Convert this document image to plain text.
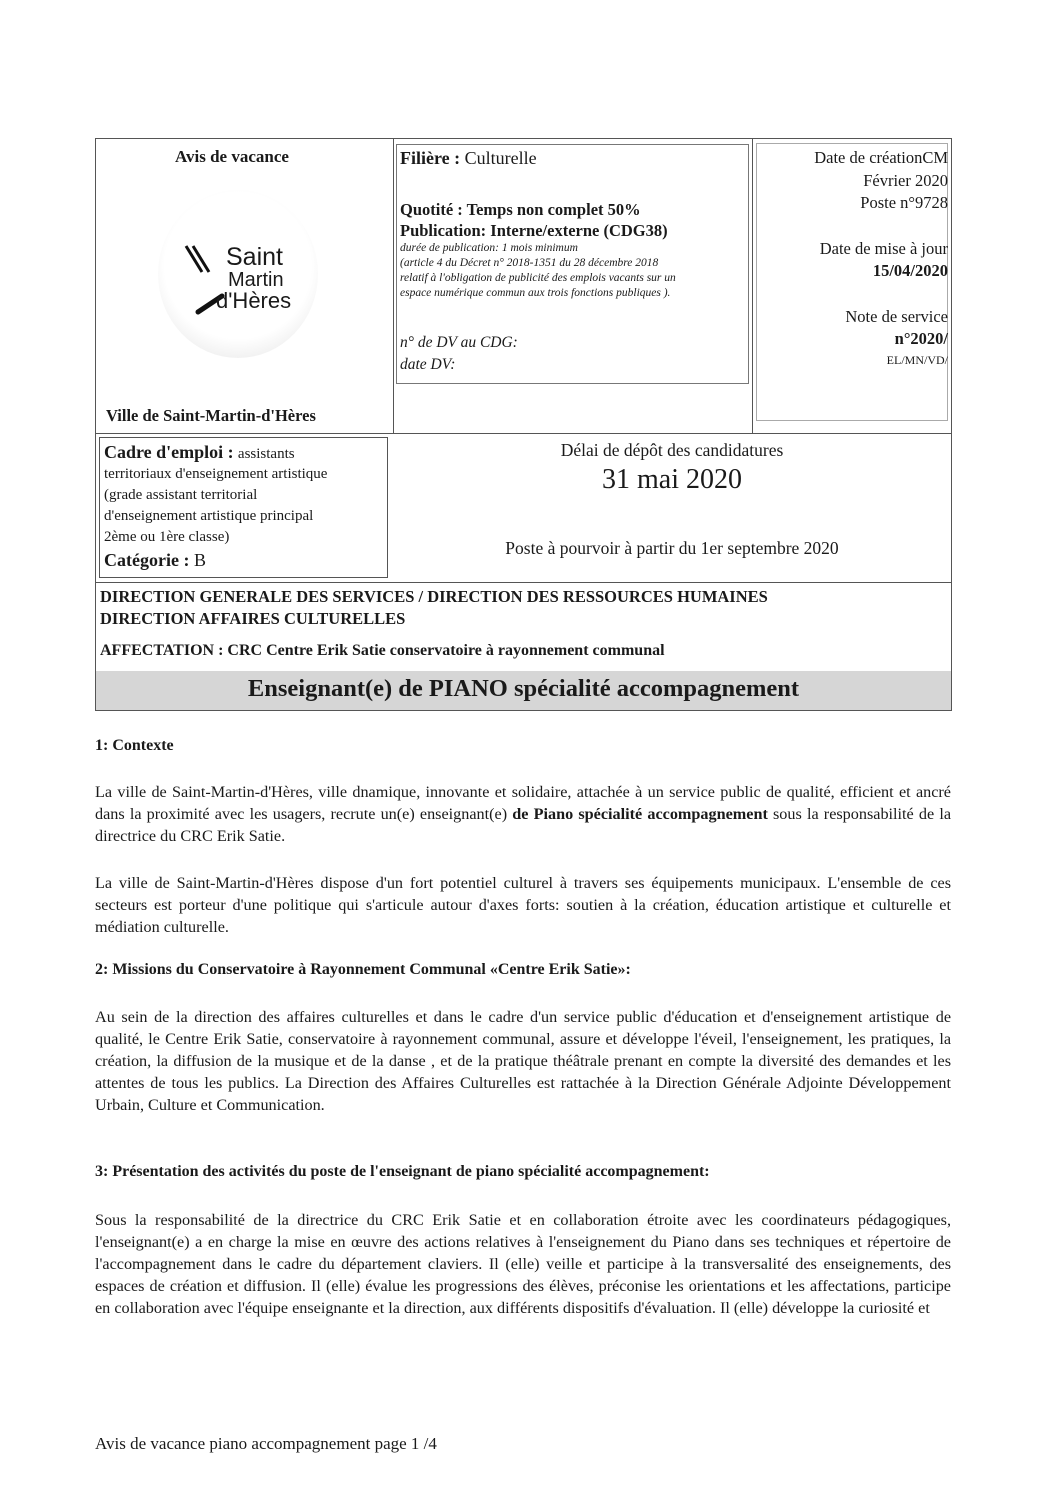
Avis de vacance
Saint
Martin
d'Hères
Ville de Saint-Martin-d'Hères
Filière : Culturelle
Quotité : Temps non complet 50%
Publication: Interne/externe (CDG38)
durée de publication: 1 mois minimum
(article 4 du Décret n° 2018-1351 du 28 décembre 2018
relatif à l'obligation de publicité des emplois vacants sur un
espace numérique commun aux trois fonctions publiques ).
n° de DV au CDG:
date DV:
Date de créationCM
Février 2020
Poste n°9728
Date de mise à jour
15/04/2020
Note de service
n°2020/
EL/MN/VD/
Cadre d'emploi : assistants
territoriaux d'enseignement artistique
(grade assistant territorial
d'enseignement artistique principal
2ème ou 1ère classe)
Catégorie : B
Délai de dépôt des candidatures
31 mai 2020
Poste à pourvoir à partir du 1er septembre 2020
DIRECTION GENERALE DES SERVICES / DIRECTION DES RESSOURCES HUMAINES
DIRECTION AFFAIRES CULTURELLES
AFFECTATION : CRC Centre Erik Satie conservatoire à rayonnement communal
Enseignant(e) de PIANO spécialité accompagnement
1: Contexte

La ville de Saint-Martin-d'Hères, ville dnamique, innovante et solidaire, attachée à un service public de qualité, efficient et ancré dans la proximité avec les usagers, recrute un(e) enseignant(e) de Piano spécialité accompagnement sous la responsabilité de la directrice du CRC Erik Satie.

La ville de Saint-Martin-d'Hères dispose d'un fort potentiel culturel à travers ses équipements municipaux. L'ensemble de ces secteurs est porteur d'une politique qui s'articule autour d'axes forts: soutien à la création, éducation artistique et culturelle et médiation culturelle.

2: Missions du Conservatoire à Rayonnement Communal «Centre Erik Satie»:

Au sein de la direction des affaires culturelles et dans le cadre d'un service public d'éducation et d'enseignement artistique de qualité, le Centre Erik Satie, conservatoire à rayonnement communal, assure et développe l'éveil, l'enseignement, les pratiques, la création, la diffusion de la musique et de la danse , et de la pratique théâtrale prenant en compte la diversité des demandes et les attentes de tous les publics. La Direction des Affaires Culturelles est rattachée à la Direction Générale Adjointe Développement Urbain, Culture et Communication.

3: Présentation des activités du poste de l'enseignant de piano spécialité accompagnement:

Sous la responsabilité de la directrice du CRC Erik Satie et en collaboration étroite avec les coordinateurs pédagogiques, l'enseignant(e) a en charge la mise en œuvre des actions relatives à l'enseignement du Piano dans ses techniques et répertoire de l'accompagnement dans le cadre du département claviers. Il (elle) veille et participe à la transversalité des enseignements, des espaces de création et diffusion. Il (elle) évalue les progressions des élèves, préconise les orientations et les affectations, participe en collaboration avec l'équipe enseignante et la direction, aux différents dispositifs d'évaluation. Il (elle) développe la curiosité et

Avis de vacance piano accompagnement page 1 /4
